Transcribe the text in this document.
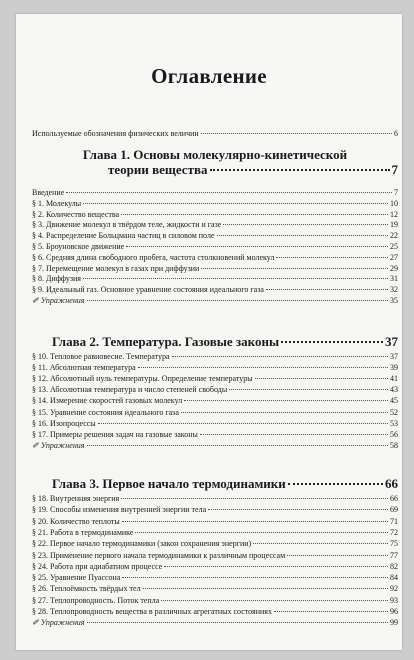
Оглавление
Используемые обозначения физических величин	6
Глава 1. Основы молекулярно-кинетической
теории вещества	7
Введение	7
§ 1. Молекулы	10
§ 2. Количество вещества	12
§ 3. Движение молекул в твёрдом теле, жидкости и газе	19
§ 4. Распределение Больцмана частиц в силовом поле	22
§ 5. Броуновское движение	25
§ 6. Средняя длина свободного пробега, частота столкновений молекул	27
§ 7. Перемещение молекул в газах при диффузии	29
§ 8. Диффузия	31
§ 9. Идеальный газ. Основное уравнение состояния идеального газа	32
✐ Упражнения	35
Глава 2. Температура. Газовые законы	37
§ 10. Тепловое равновесие. Температура	37
§ 11. Абсолютная температура	39
§ 12. Абсолютный нуль температуры. Определение температуры	41
§ 13. Абсолютная температура и число степеней свободы	43
§ 14. Измерение скоростей газовых молекул	45
§ 15. Уравнение состояния идеального газа	52
§ 16. Изопроцессы	53
§ 17. Примеры решения задач на газовые законы	56
✐ Упражнения	58
Глава 3. Первое начало термодинамики	66
§ 18. Внутренняя энергия	66
§ 19. Способы изменения внутренней энергии тела	69
§ 20. Количество теплоты	71
§ 21. Работа в термодинамике	72
§ 22. Первое начало термодинамики (закон сохранения энергии)	75
§ 23. Применение первого начала термодинамики к различным процессам	77
§ 24. Работа при адиабатном процессе	82
§ 25. Уравнение Пуассона	84
§ 26. Теплоёмкость твёрдых тел	92
§ 27. Теплопроводность. Поток тепла	93
§ 28. Теплопроводность вещества в различных агрегатных состояниях	96
✐ Упражнения	99
